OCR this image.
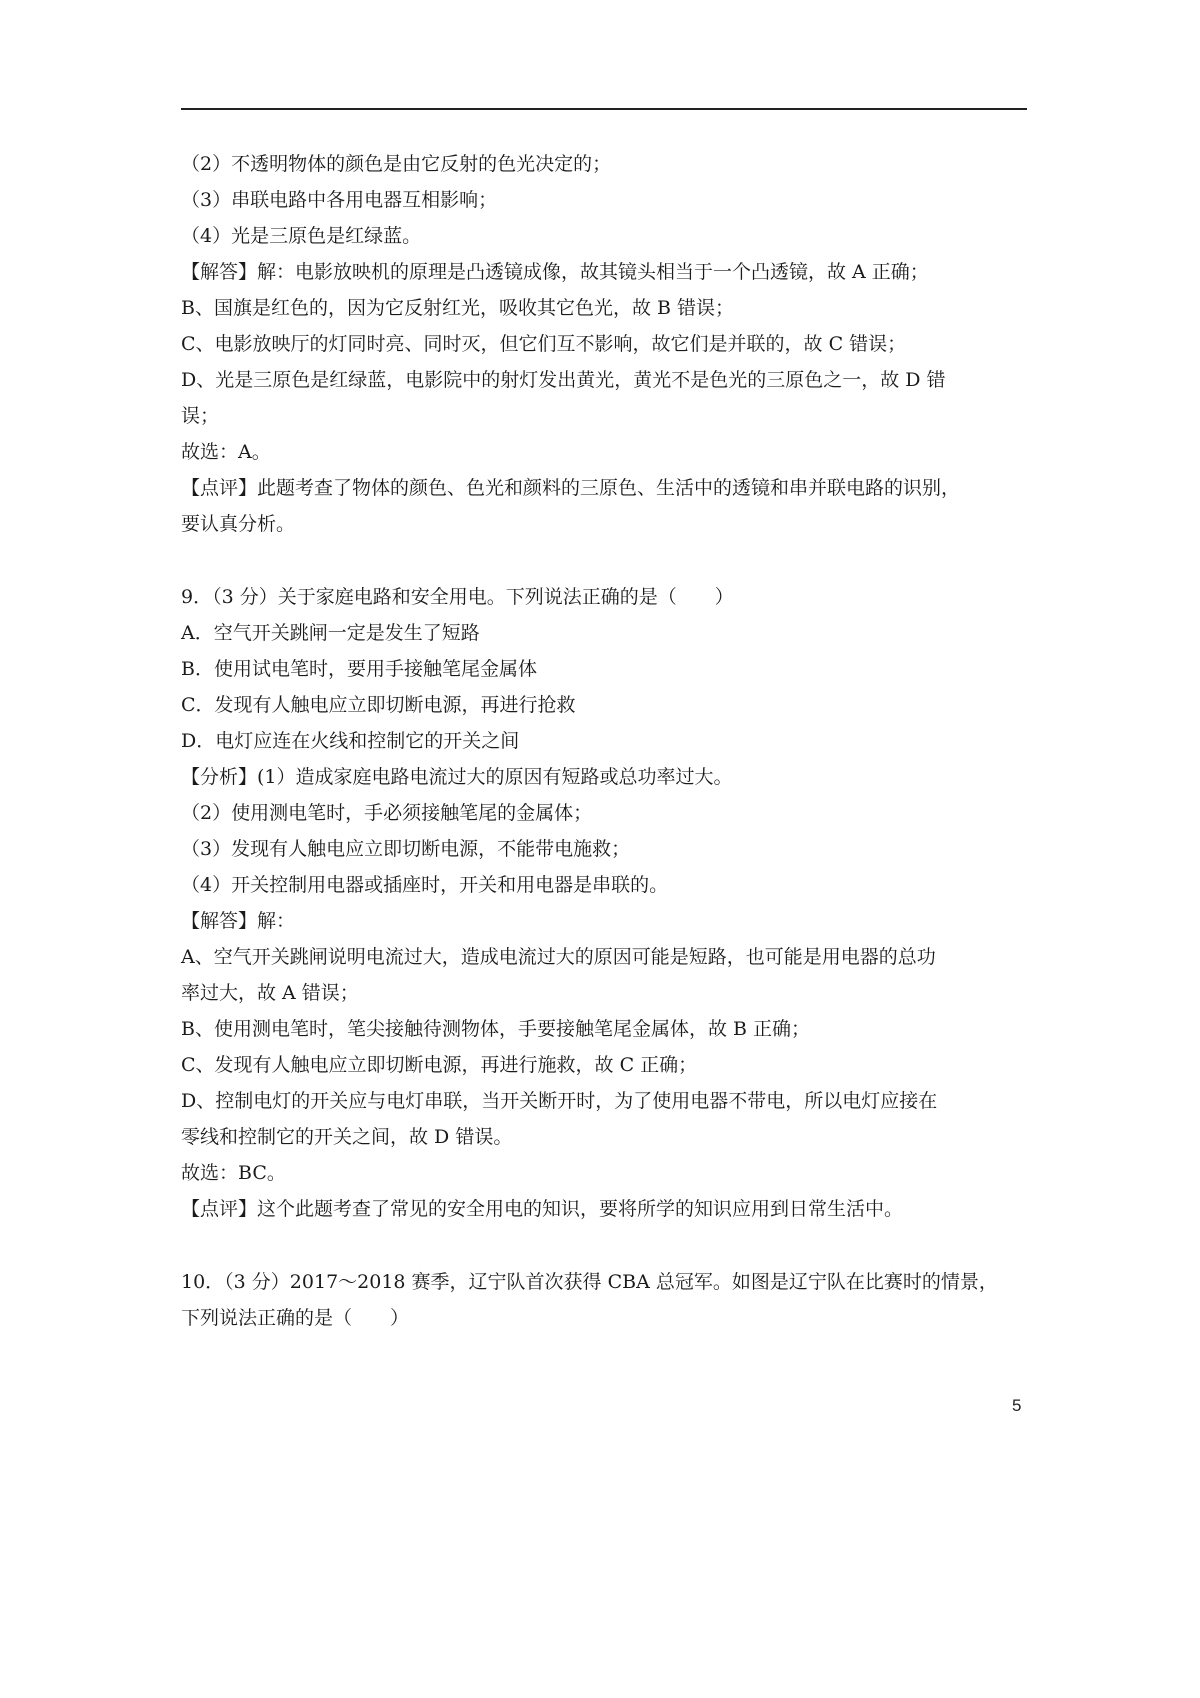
（2）不透明物体的颜色是由它反射的色光决定的；
（3）串联电路中各用电器互相影响；
（4）光是三原色是红绿蓝。
【解答】解：电影放映机的原理是凸透镜成像，故其镜头相当于一个凸透镜，故 A 正确；
B、国旗是红色的，因为它反射红光，吸收其它色光，故 B 错误；
C、电影放映厅的灯同时亮、同时灭，但它们互不影响，故它们是并联的，故 C 错误；
D、光是三原色是红绿蓝，电影院中的射灯发出黄光，黄光不是色光的三原色之一，故 D 错
误；
故选：A。
【点评】此题考查了物体的颜色、色光和颜料的三原色、生活中的透镜和串并联电路的识别，
要认真分析。
9．（3 分）关于家庭电路和安全用电。下列说法正确的是（　　）
A．空气开关跳闸一定是发生了短路
B．使用试电笔时，要用手接触笔尾金属体
C．发现有人触电应立即切断电源，再进行抢救
D．电灯应连在火线和控制它的开关之间
【分析】(1）造成家庭电路电流过大的原因有短路或总功率过大。
（2）使用测电笔时，手必须接触笔尾的金属体；
（3）发现有人触电应立即切断电源，不能带电施救；
（4）开关控制用电器或插座时，开关和用电器是串联的。
【解答】解：
A、空气开关跳闸说明电流过大，造成电流过大的原因可能是短路，也可能是用电器的总功
率过大，故 A 错误；
B、使用测电笔时，笔尖接触待测物体，手要接触笔尾金属体，故 B 正确；
C、发现有人触电应立即切断电源，再进行施救，故 C 正确；
D、控制电灯的开关应与电灯串联，当开关断开时，为了使用电器不带电，所以电灯应接在
零线和控制它的开关之间，故 D 错误。
故选：BC。
【点评】这个此题考查了常见的安全用电的知识，要将所学的知识应用到日常生活中。
10．（3 分）2017～2018 赛季，辽宁队首次获得 CBA 总冠军。如图是辽宁队在比赛时的情景，
下列说法正确的是（　　）
5
